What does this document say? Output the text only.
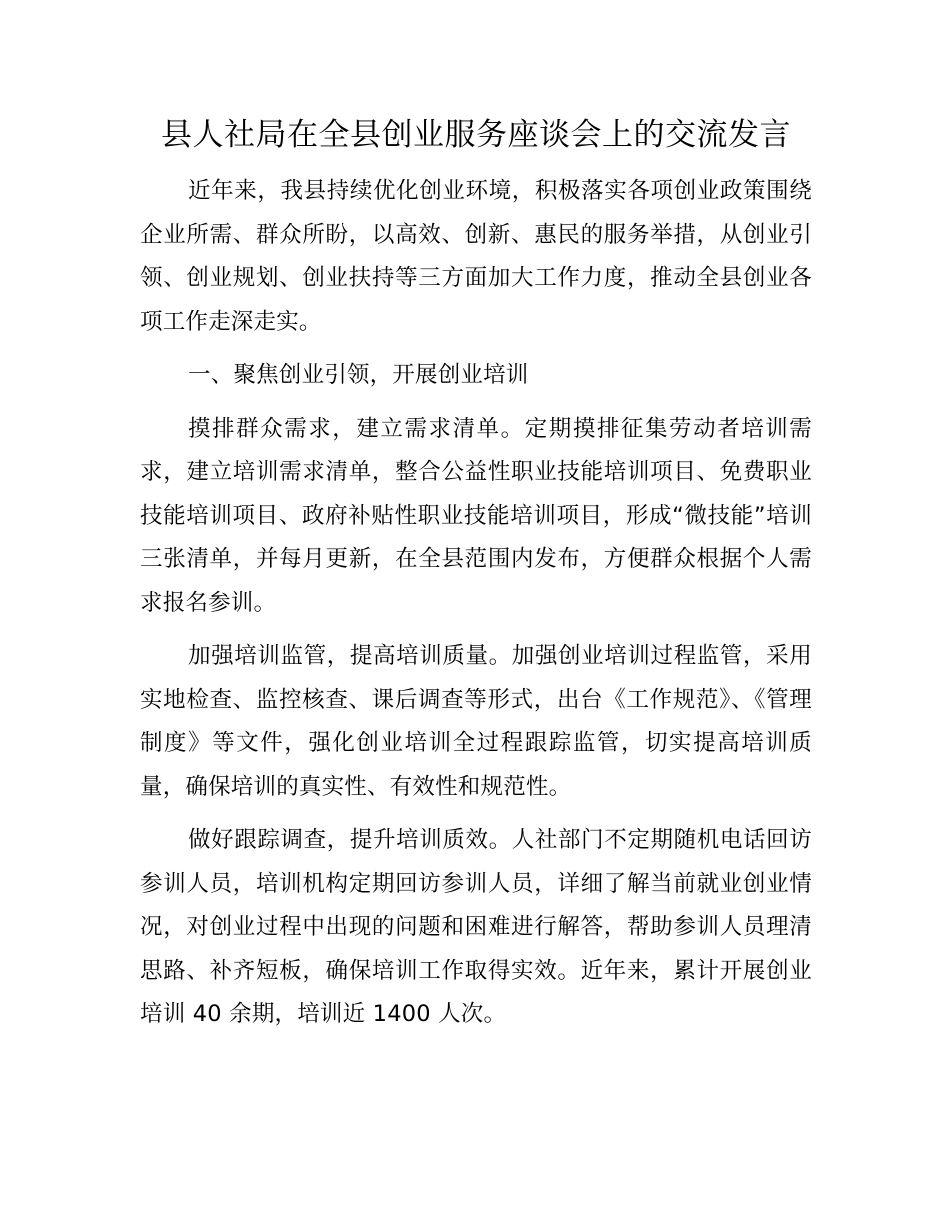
县人社局在全县创业服务座谈会上的交流发言

近年来，我县持续优化创业环境，积极落实各项创业政策围绕企业所需、群众所盼，以高效、创新、惠民的服务举措，从创业引领、创业规划、创业扶持等三方面加大工作力度，推动全县创业各项工作走深走实。

一、聚焦创业引领，开展创业培训

摸排群众需求，建立需求清单。定期摸排征集劳动者培训需求，建立培训需求清单，整合公益性职业技能培训项目、免费职业技能培训项目、政府补贴性职业技能培训项目，形成“微技能”培训三张清单，并每月更新，在全县范围内发布，方便群众根据个人需求报名参训。

加强培训监管，提高培训质量。加强创业培训过程监管，采用实地检查、监控核查、课后调查等形式，出台《工作规范》、《管理制度》等文件，强化创业培训全过程跟踪监管，切实提高培训质量，确保培训的真实性、有效性和规范性。

做好跟踪调查，提升培训质效。人社部门不定期随机电话回访参训人员，培训机构定期回访参训人员，详细了解当前就业创业情况，对创业过程中出现的问题和困难进行解答，帮助参训人员理清思路、补齐短板，确保培训工作取得实效。近年来，累计开展创业培训 40 余期，培训近 1400 人次。
